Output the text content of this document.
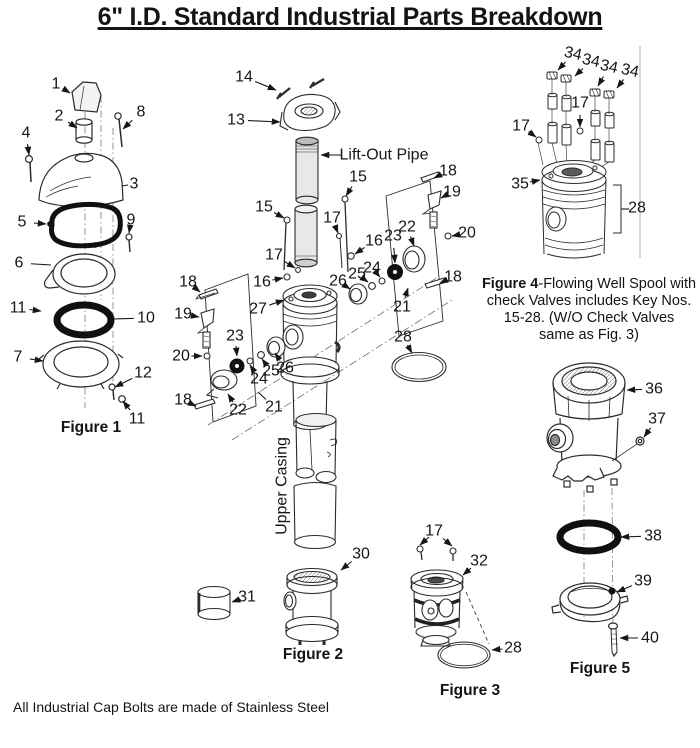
1
2	8
4
3
5	9
6
11
10
7
12
11
14
13
Lift-Out Pipe
15
15
17
16
17
16
27
23
22
24
25
26
21
20
18
19
18
28
18
19
20
23
24
25
26
22 21
18
Upper Casing
30
31
17
32
28
34
34
34 34
17
17
35
28
36
37
38
39
40
6" I.D. Standard Industrial Parts Breakdown
Figure 1
Figure 2
Figure 3
Figure 5
Figure 4-Flowing Well Spool with
check Valves includes Key Nos.
15-28. (W/O Check Valves
same as Fig. 3)
All Industrial Cap Bolts are made of Stainless Steel
